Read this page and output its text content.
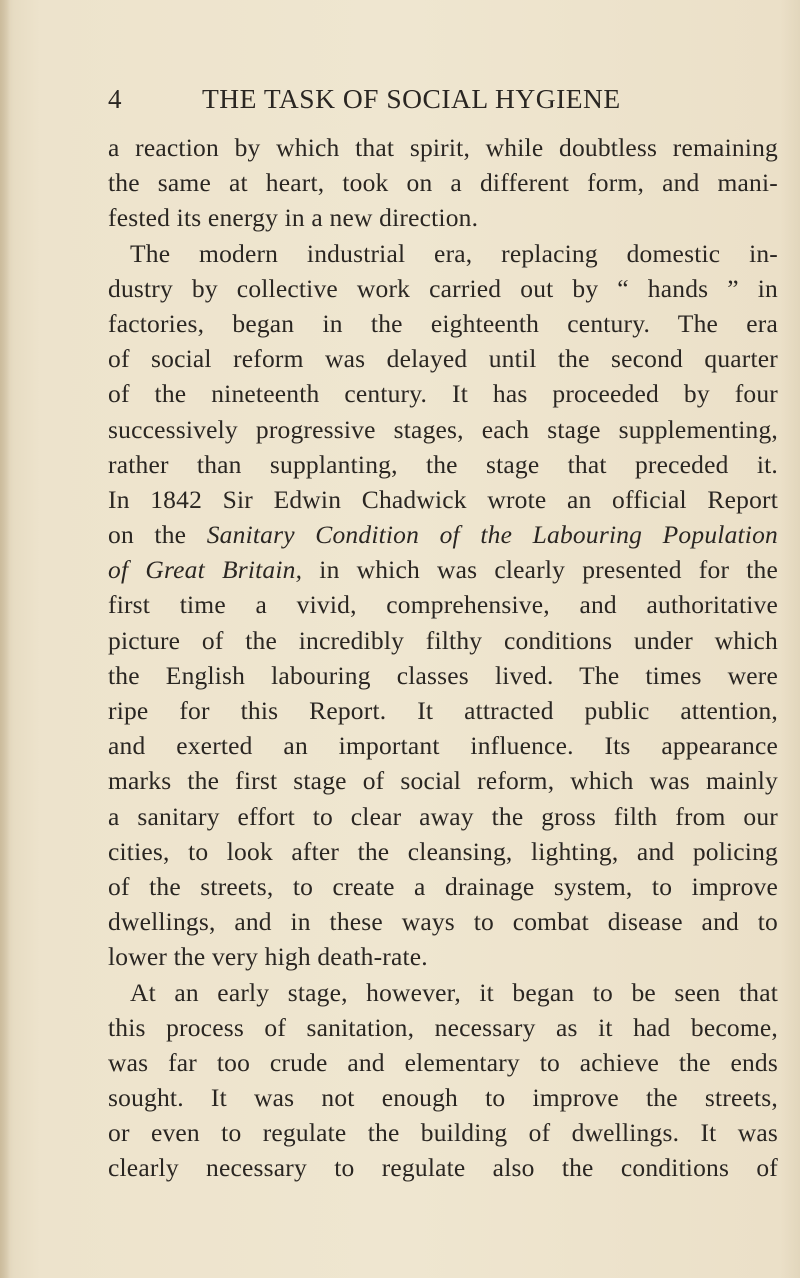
4	THE TASK OF SOCIAL HYGIENE
a reaction by which that spirit, while doubtless remaining
the same at heart, took on a different form, and mani-
fested its energy in a new direction.
The modern industrial era, replacing domestic in-
dustry by collective work carried out by “ hands ” in
factories, began in the eighteenth century. The era
of social reform was delayed until the second quarter
of the nineteenth century. It has proceeded by four
successively progressive stages, each stage supplementing,
rather than supplanting, the stage that preceded it.
In 1842 Sir Edwin Chadwick wrote an official Report
on the Sanitary Condition of the Labouring Population
of Great Britain, in which was clearly presented for the
first time a vivid, comprehensive, and authoritative
picture of the incredibly filthy conditions under which
the English labouring classes lived. The times were
ripe for this Report. It attracted public attention,
and exerted an important influence. Its appearance
marks the first stage of social reform, which was mainly
a sanitary effort to clear away the gross filth from our
cities, to look after the cleansing, lighting, and policing
of the streets, to create a drainage system, to improve
dwellings, and in these ways to combat disease and to
lower the very high death-rate.
At an early stage, however, it began to be seen that
this process of sanitation, necessary as it had become,
was far too crude and elementary to achieve the ends
sought. It was not enough to improve the streets,
or even to regulate the building of dwellings. It was
clearly necessary to regulate also the conditions of
